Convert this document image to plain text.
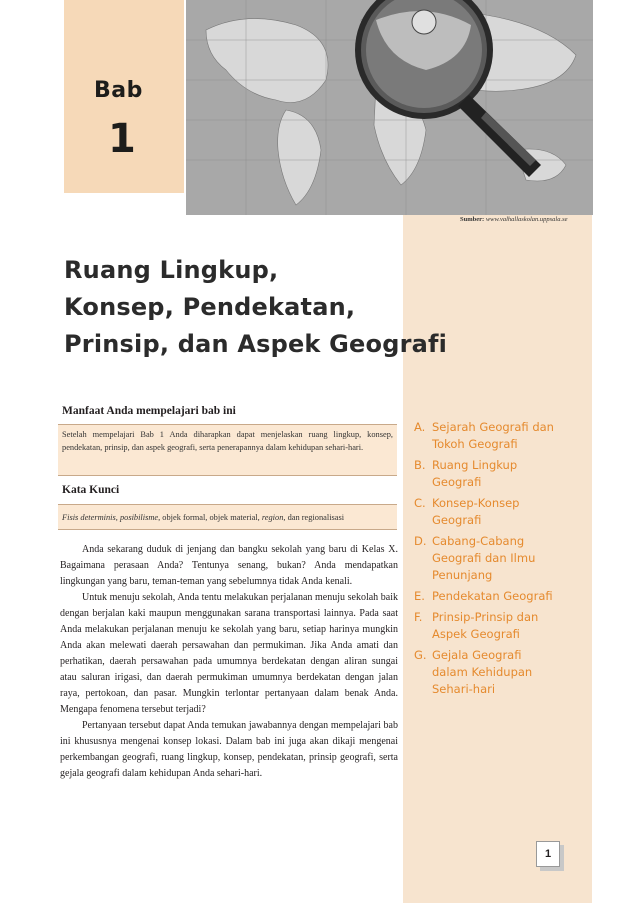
Bab
1
Sumber: www.valhallaskolan.uppsala.se
Ruang Lingkup,
Konsep, Pendekatan,
Prinsip, dan Aspek Geografi
Manfaat Anda mempelajari bab ini
Setelah mempelajari Bab 1 Anda diharapkan dapat menjelaskan ruang lingkup, konsep, pendekatan, prinsip, dan aspek geografi, serta penerapannya dalam kehidupan sehari-hari.
Kata Kunci
Fisis determinis, posibilisme, objek formal, objek material, region, dan regionalisasi

Anda sekarang duduk di jenjang dan bangku sekolah yang baru di Kelas X. Bagaimana perasaan Anda? Tentunya senang, bukan? Anda mendapatkan lingkungan yang baru, teman-teman yang sebelumnya tidak Anda kenali.

Untuk menuju sekolah, Anda tentu melakukan perjalanan menuju sekolah baik dengan berjalan kaki maupun menggunakan sarana transportasi lainnya. Pada saat Anda melakukan perjalanan menuju ke sekolah yang baru, setiap harinya mungkin Anda akan melewati daerah persawahan dan permukiman. Jika Anda amati dan perhatikan, daerah persawahan pada umumnya berdekatan dengan aliran sungai atau saluran irigasi, dan daerah permukiman umumnya berdekatan dengan jalan raya, pertokoan, dan pasar. Mungkin terlontar pertanyaan dalam benak Anda. Mengapa fenomena tersebut terjadi?

Pertanyaan tersebut dapat Anda temukan jawabannya dengan mempelajari bab ini khususnya mengenai konsep lokasi. Dalam bab ini juga akan dikaji mengenai perkembangan geografi, ruang lingkup, konsep, pendekatan, prinsip geografi, serta gejala geografi dalam kehidupan Anda sehari-hari.

A. Sejarah Geografi dan Tokoh Geografi
B. Ruang Lingkup Geografi
C. Konsep-Konsep Geografi
D. Cabang-Cabang Geografi dan Ilmu Penunjang
E. Pendekatan Geografi
F. Prinsip-Prinsip dan Aspek Geografi
G. Gejala Geografi dalam Kehidupan Sehari-hari
1
